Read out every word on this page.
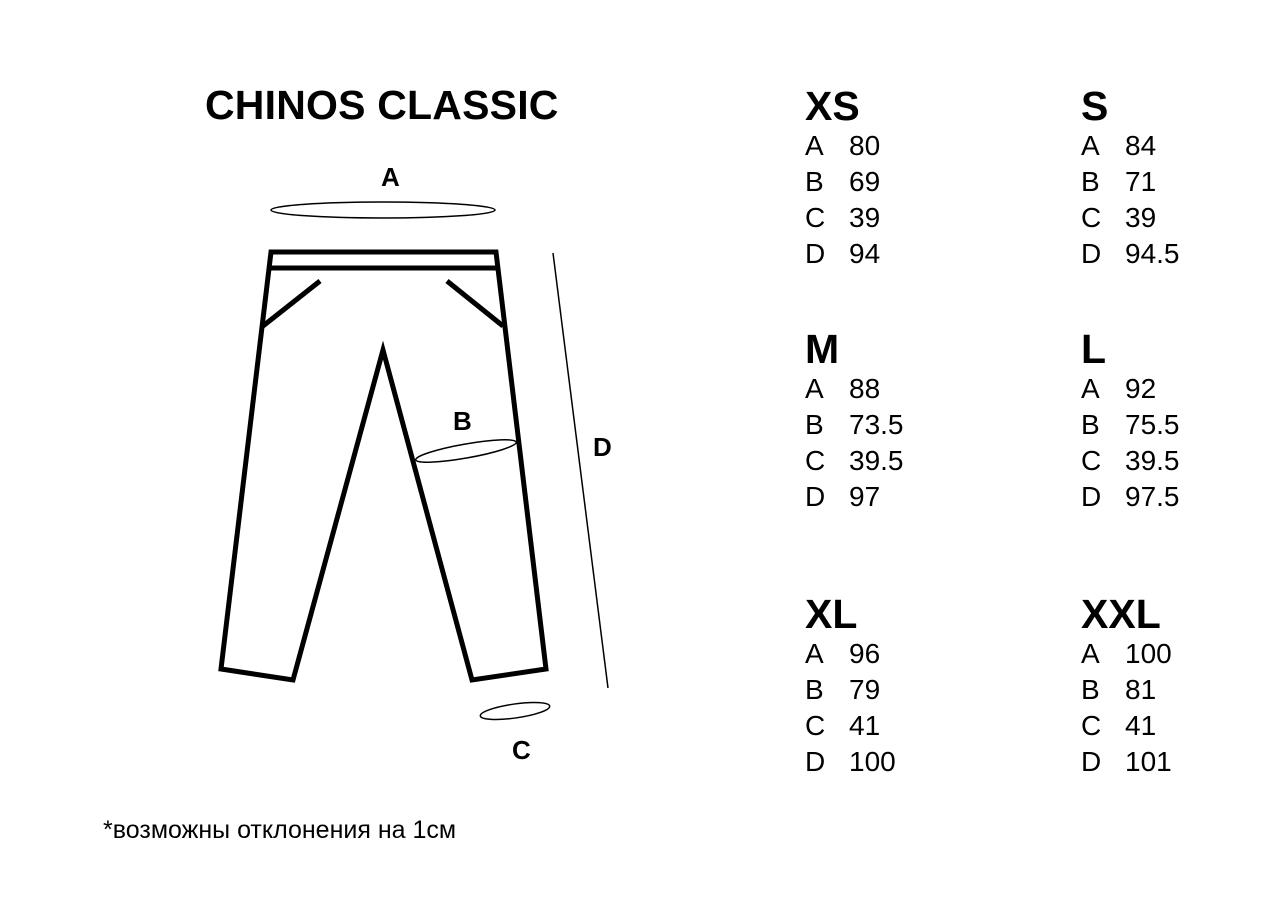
CHINOS CLASSIC
A
B
D
C
*возможны отклонения на 1см
XS
A 80
B 69
C 39
D 94
S
A 84
B 71
C 39
D 94.5
M
A 88
B 73.5
C 39.5
D 97
L
A 92
B 75.5
C 39.5
D 97.5
XL
A 96
B 79
C 41
D 100
XXL
A 100
B 81
C 41
D 101
